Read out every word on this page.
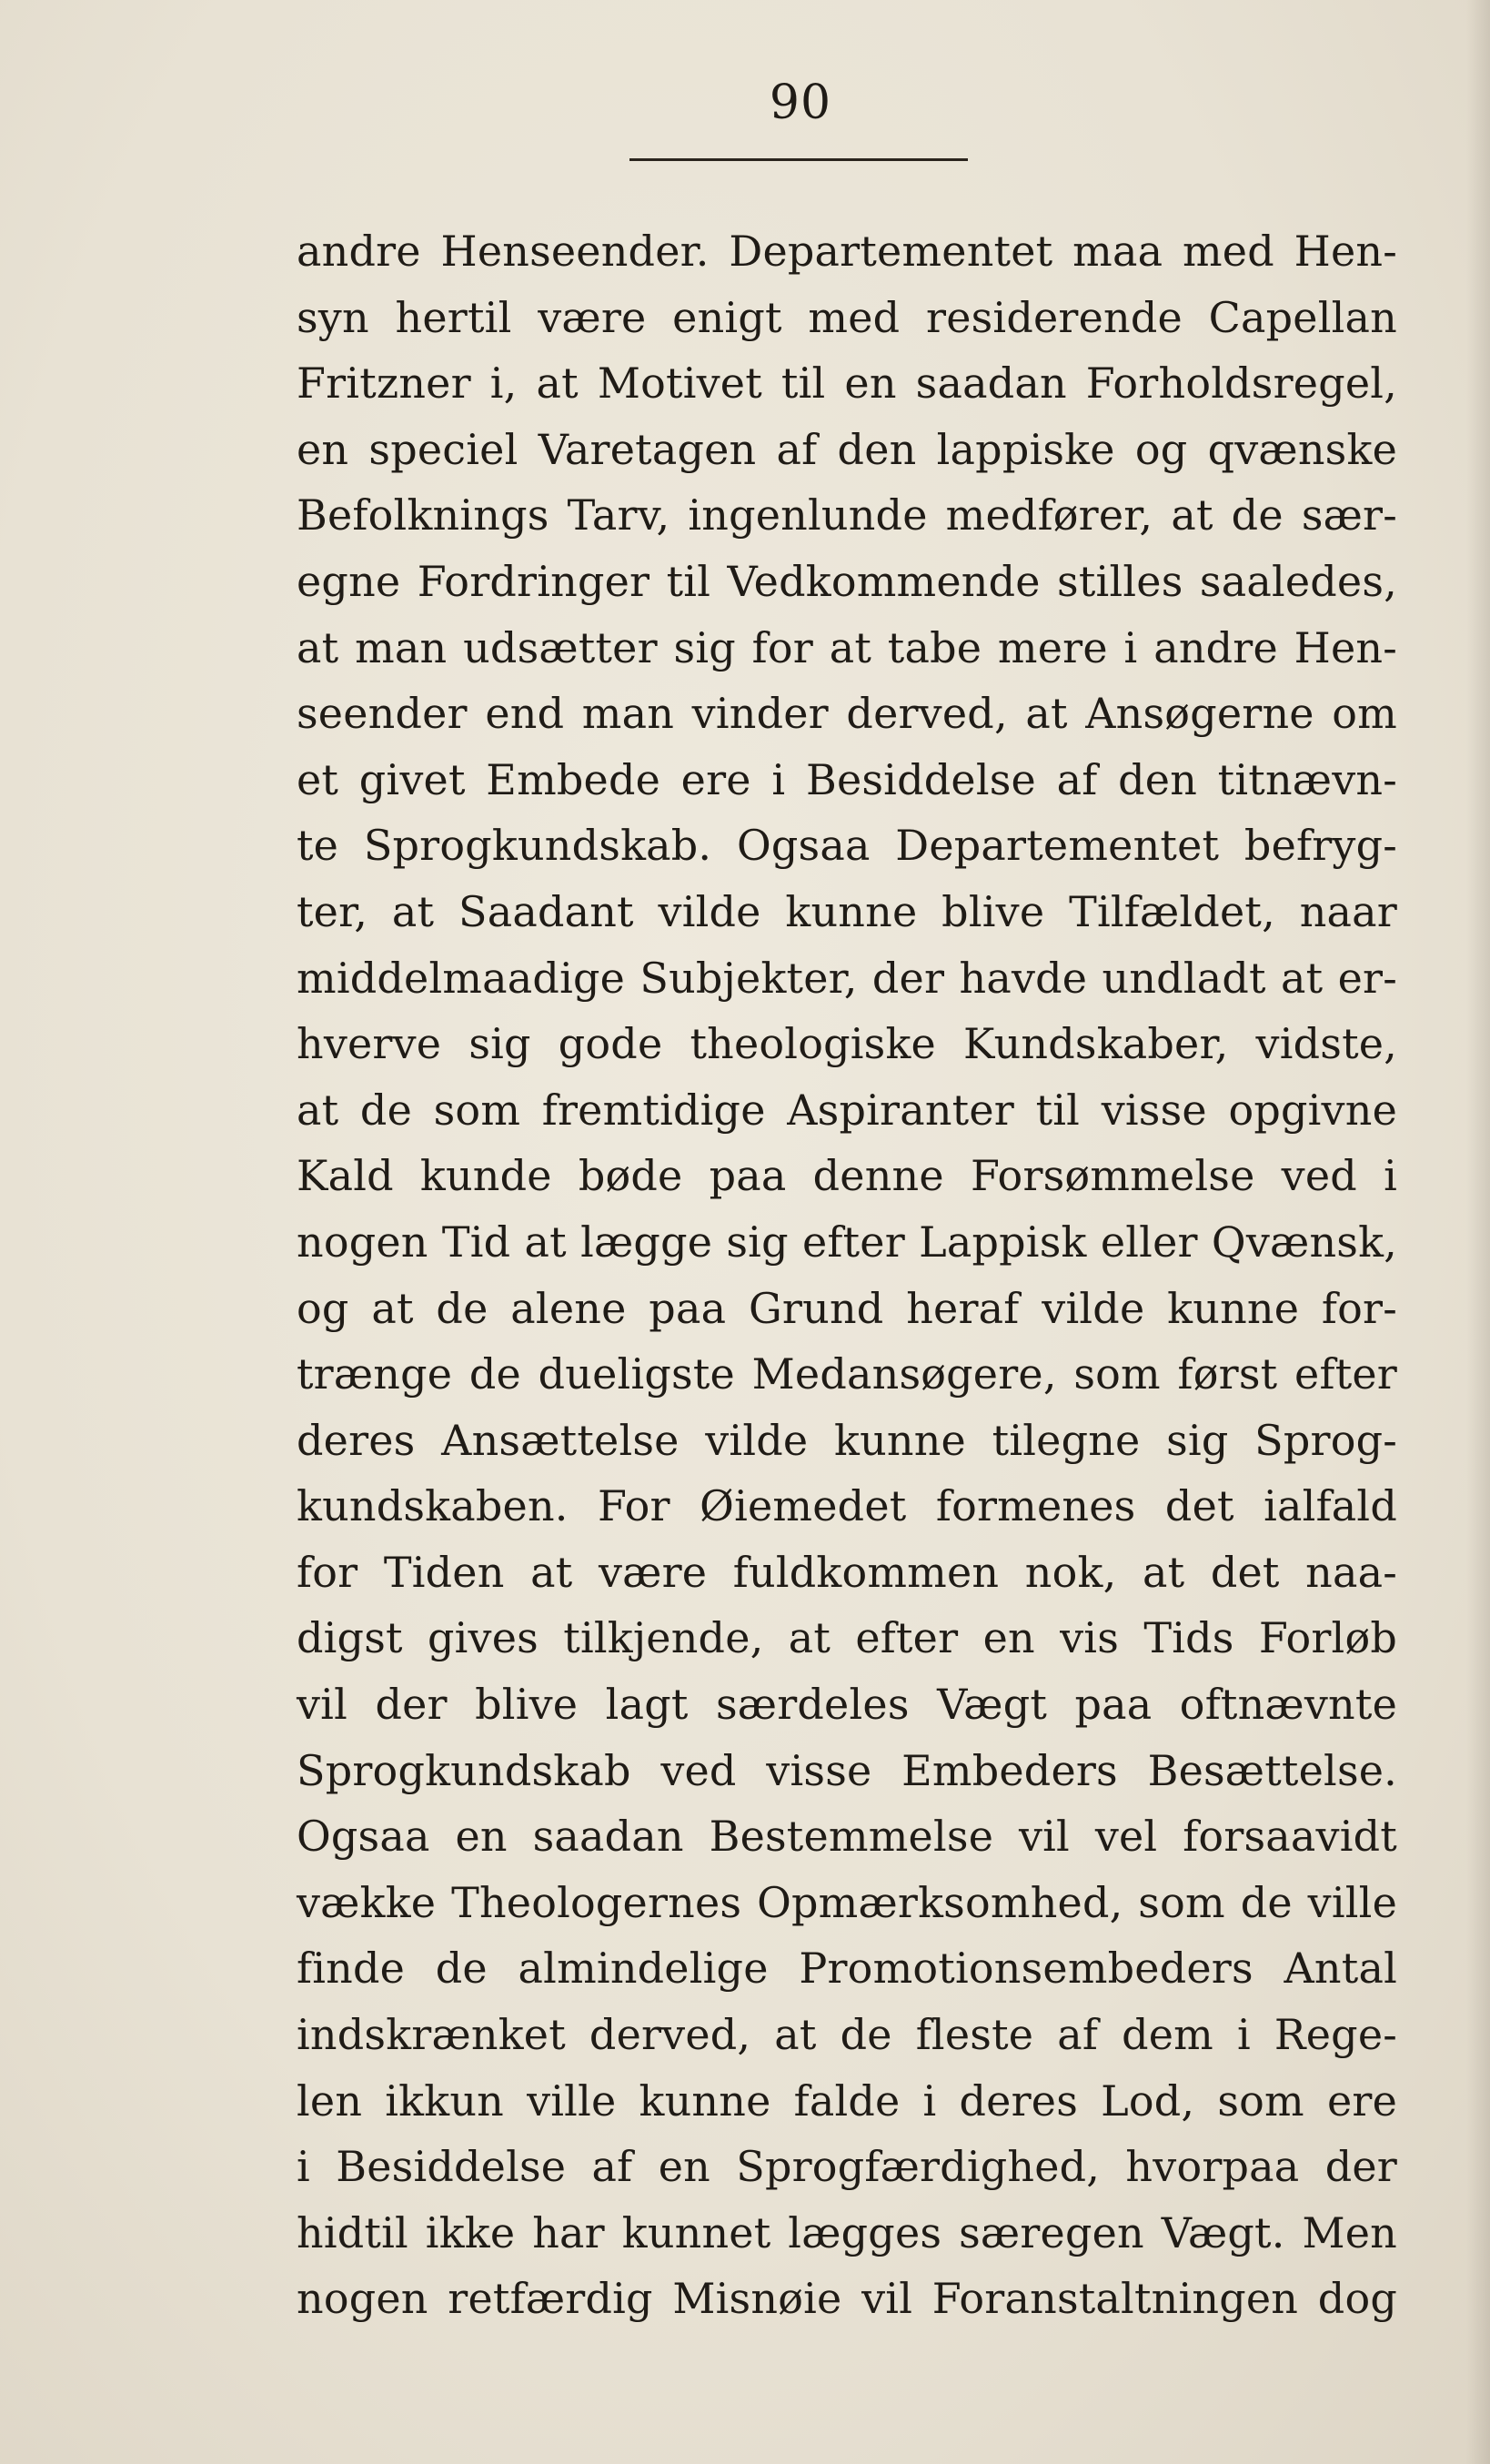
90
andre Henseender. Departementet maa med Hen-
syn hertil være enigt med residerende Capellan
Fritzner i, at Motivet til en saadan Forholdsregel,
en speciel Varetagen af den lappiske og qvænske
Befolknings Tarv, ingenlunde medfører, at de sær-
egne Fordringer til Vedkommende stilles saaledes,
at man udsætter sig for at tabe mere i andre Hen-
seender end man vinder derved, at Ansøgerne om
et givet Embede ere i Besiddelse af den titnævn-
te Sprogkundskab. Ogsaa Departementet befryg-
ter, at Saadant vilde kunne blive Tilfældet, naar
middelmaadige Subjekter, der havde undladt at er-
hverve sig gode theologiske Kundskaber, vidste,
at de som fremtidige Aspiranter til visse opgivne
Kald kunde bøde paa denne Forsømmelse ved i
nogen Tid at lægge sig efter Lappisk eller Qvænsk,
og at de alene paa Grund heraf vilde kunne for-
trænge de dueligste Medansøgere, som først efter
deres Ansættelse vilde kunne tilegne sig Sprog-
kundskaben. For Øiemedet formenes det ialfald
for Tiden at være fuldkommen nok, at det naa-
digst gives tilkjende, at efter en vis Tids Forløb
vil der blive lagt særdeles Vægt paa oftnævnte
Sprogkundskab ved visse Embeders Besættelse.
Ogsaa en saadan Bestemmelse vil vel forsaavidt
vække Theologernes Opmærksomhed, som de ville
finde de almindelige Promotionsembeders Antal
indskrænket derved, at de fleste af dem i Rege-
len ikkun ville kunne falde i deres Lod, som ere
i Besiddelse af en Sprogfærdighed, hvorpaa der
hidtil ikke har kunnet lægges særegen Vægt. Men
nogen retfærdig Misnøie vil Foranstaltningen dog
